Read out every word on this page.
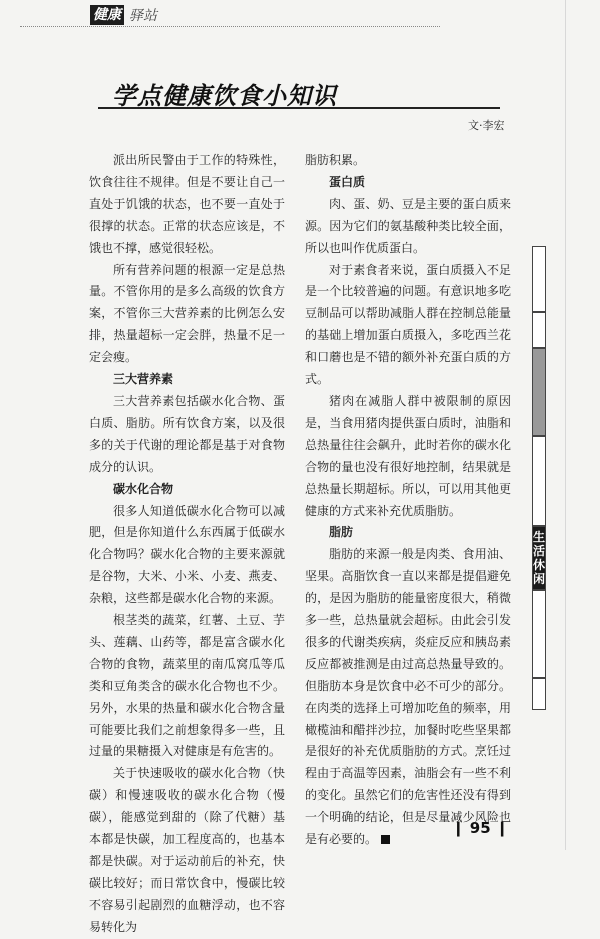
健康 驿站
学点健康饮食小知识
文·李宏

派出所民警由于工作的特殊性，饮食往往不规律。但是不要让自己一直处于饥饿的状态，也不要一直处于很撑的状态。正常的状态应该是，不饿也不撑，感觉很轻松。

所有营养问题的根源一定是总热量。不管你用的是多么高级的饮食方案，不管你三大营养素的比例怎么安排，热量超标一定会胖，热量不足一定会瘦。

三大营养素

三大营养素包括碳水化合物、蛋白质、脂肪。所有饮食方案，以及很多的关于代谢的理论都是基于对食物成分的认识。

碳水化合物

很多人知道低碳水化合物可以减肥，但是你知道什么东西属于低碳水化合物吗？碳水化合物的主要来源就是谷物，大米、小米、小麦、燕麦、杂粮，这些都是碳水化合物的来源。

根茎类的蔬菜，红薯、土豆、芋头、莲藕、山药等，都是富含碳水化合物的食物，蔬菜里的南瓜窝瓜等瓜类和豆角类含的碳水化合物也不少。另外，水果的热量和碳水化合物含量可能要比我们之前想象得多一些，且过量的果糖摄入对健康是有危害的。

关于快速吸收的碳水化合物（快碳）和慢速吸收的碳水化合物（慢碳），能感觉到甜的（除了代糖）基本都是快碳，加工程度高的，也基本都是快碳。对于运动前后的补充，快碳比较好；而日常饮食中，慢碳比较不容易引起剧烈的血糖浮动，也不容易转化为

脂肪积累。

蛋白质

肉、蛋、奶、豆是主要的蛋白质来源。因为它们的氨基酸种类比较全面，所以也叫作优质蛋白。

对于素食者来说，蛋白质摄入不足是一个比较普遍的问题。有意识地多吃豆制品可以帮助减脂人群在控制总能量的基础上增加蛋白质摄入，多吃西兰花和口蘑也是不错的额外补充蛋白质的方式。

猪肉在减脂人群中被限制的原因是，当食用猪肉提供蛋白质时，油脂和总热量往往会飙升，此时若你的碳水化合物的量也没有很好地控制，结果就是总热量长期超标。所以，可以用其他更健康的方式来补充优质脂肪。

脂肪

脂肪的来源一般是肉类、食用油、坚果。高脂饮食一直以来都是提倡避免的，是因为脂肪的能量密度很大，稍微多一些，总热量就会超标。由此会引发很多的代谢类疾病，炎症反应和胰岛素反应都被推测是由过高总热量导致的。但脂肪本身是饮食中必不可少的部分。在肉类的选择上可增加吃鱼的频率，用橄榄油和醋拌沙拉，加餐时吃些坚果都是很好的补充优质脂肪的方式。烹饪过程由于高温等因素，油脂会有一些不利的变化。虽然它们的危害性还没有得到一个明确的结论，但是尽量减少风险也是有必要的。

生
活
休
闲
❙ 95 ❙
